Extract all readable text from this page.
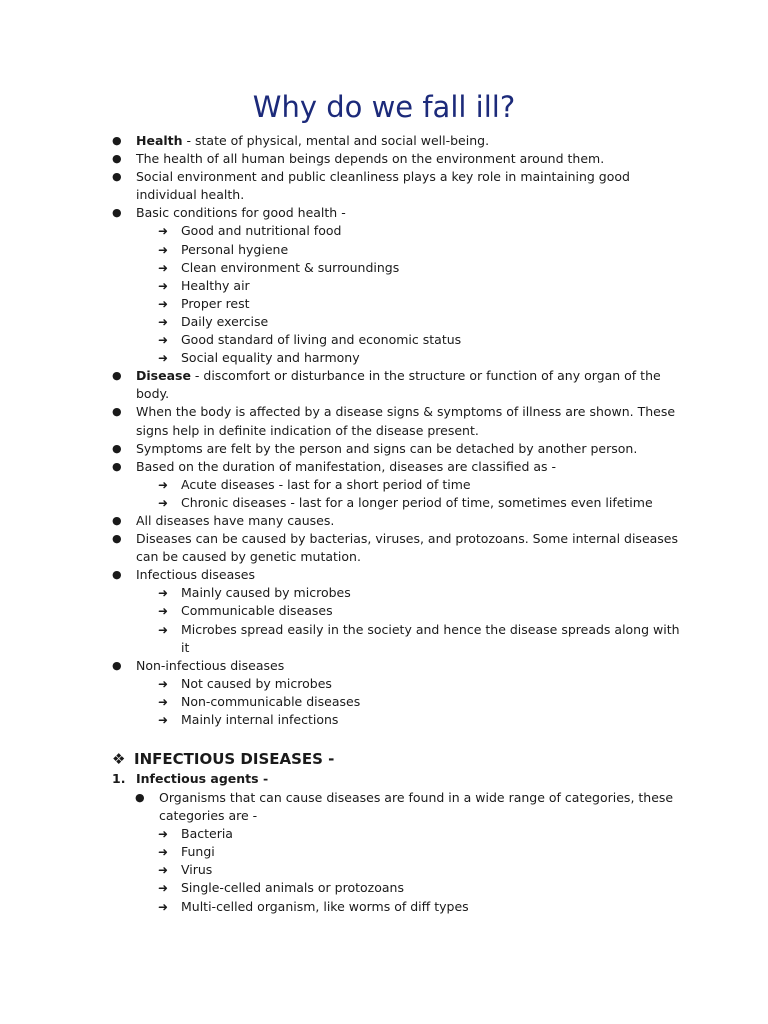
Why do we fall ill?
● Health - state of physical, mental and social well-being.
● The health of all human beings depends on the environment around them.
● Social environment and public cleanliness plays a key role in maintaining good individual health.
● Basic conditions for good health -
➜ Good and nutritional food
➜ Personal hygiene
➜ Clean environment & surroundings
➜ Healthy air
➜ Proper rest
➜ Daily exercise
➜ Good standard of living and economic status
➜ Social equality and harmony
● Disease - discomfort or disturbance in the structure or function of any organ of the body.
● When the body is affected by a disease signs & symptoms of illness are shown. These signs help in definite indication of the disease present.
● Symptoms are felt by the person and signs can be detached by another person.
● Based on the duration of manifestation, diseases are classified as -
➜ Acute diseases - last for a short period of time
➜ Chronic diseases - last for a longer period of time, sometimes even lifetime
● All diseases have many causes.
● Diseases can be caused by bacterias, viruses, and protozoans. Some internal diseases can be caused by genetic mutation.
● Infectious diseases
➜ Mainly caused by microbes
➜ Communicable diseases
➜ Microbes spread easily in the society and hence the disease spreads along with it
● Non-infectious diseases
➜ Not caused by microbes
➜ Non-communicable diseases
➜ Mainly internal infections
❖ INFECTIOUS DISEASES -
1. Infectious agents -
● Organisms that can cause diseases are found in a wide range of categories, these categories are -
➜ Bacteria
➜ Fungi
➜ Virus
➜ Single-celled animals or protozoans
➜ Multi-celled organism, like worms of diff types
